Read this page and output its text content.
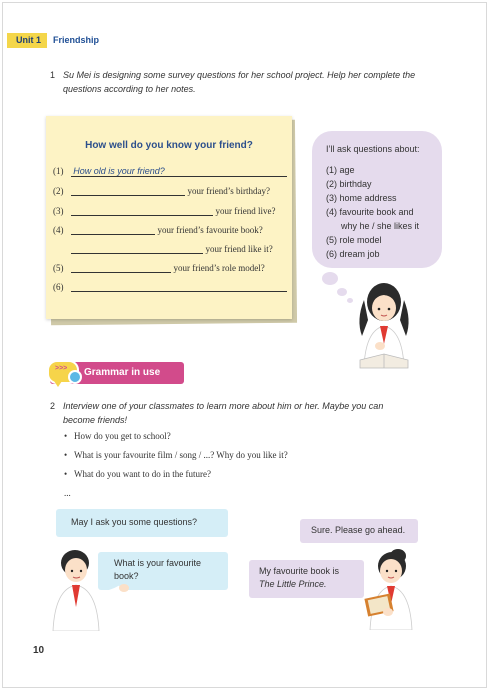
Unit 1	Friendship
1 Su Mei is designing some survey questions for her school project. Help her complete the
questions according to her notes.
How well do you know your friend?
(1) How old is your friend?
(2)	your friend’s birthday?
(3)	your friend live?
(4)	your friend’s favourite book?
your friend like it?
(5)	your friend’s role model?
(6)
I’ll ask questions about:
(1) age
(2) birthday
(3) home address
(4) favourite book and
why he / she likes it
(5) role model
(6) dream job
>>> Grammar in use
2 Interview one of your classmates to learn more about him or her. Maybe you can
become friends!
• How do you get to school?
• What is your favourite film / song / ...? Why do you like it?
• What do you want to do in the future?
...
May I ask you some questions?
Sure. Please go ahead.
What is your favourite
book?	My favourite book is
The Little Prince.
10
